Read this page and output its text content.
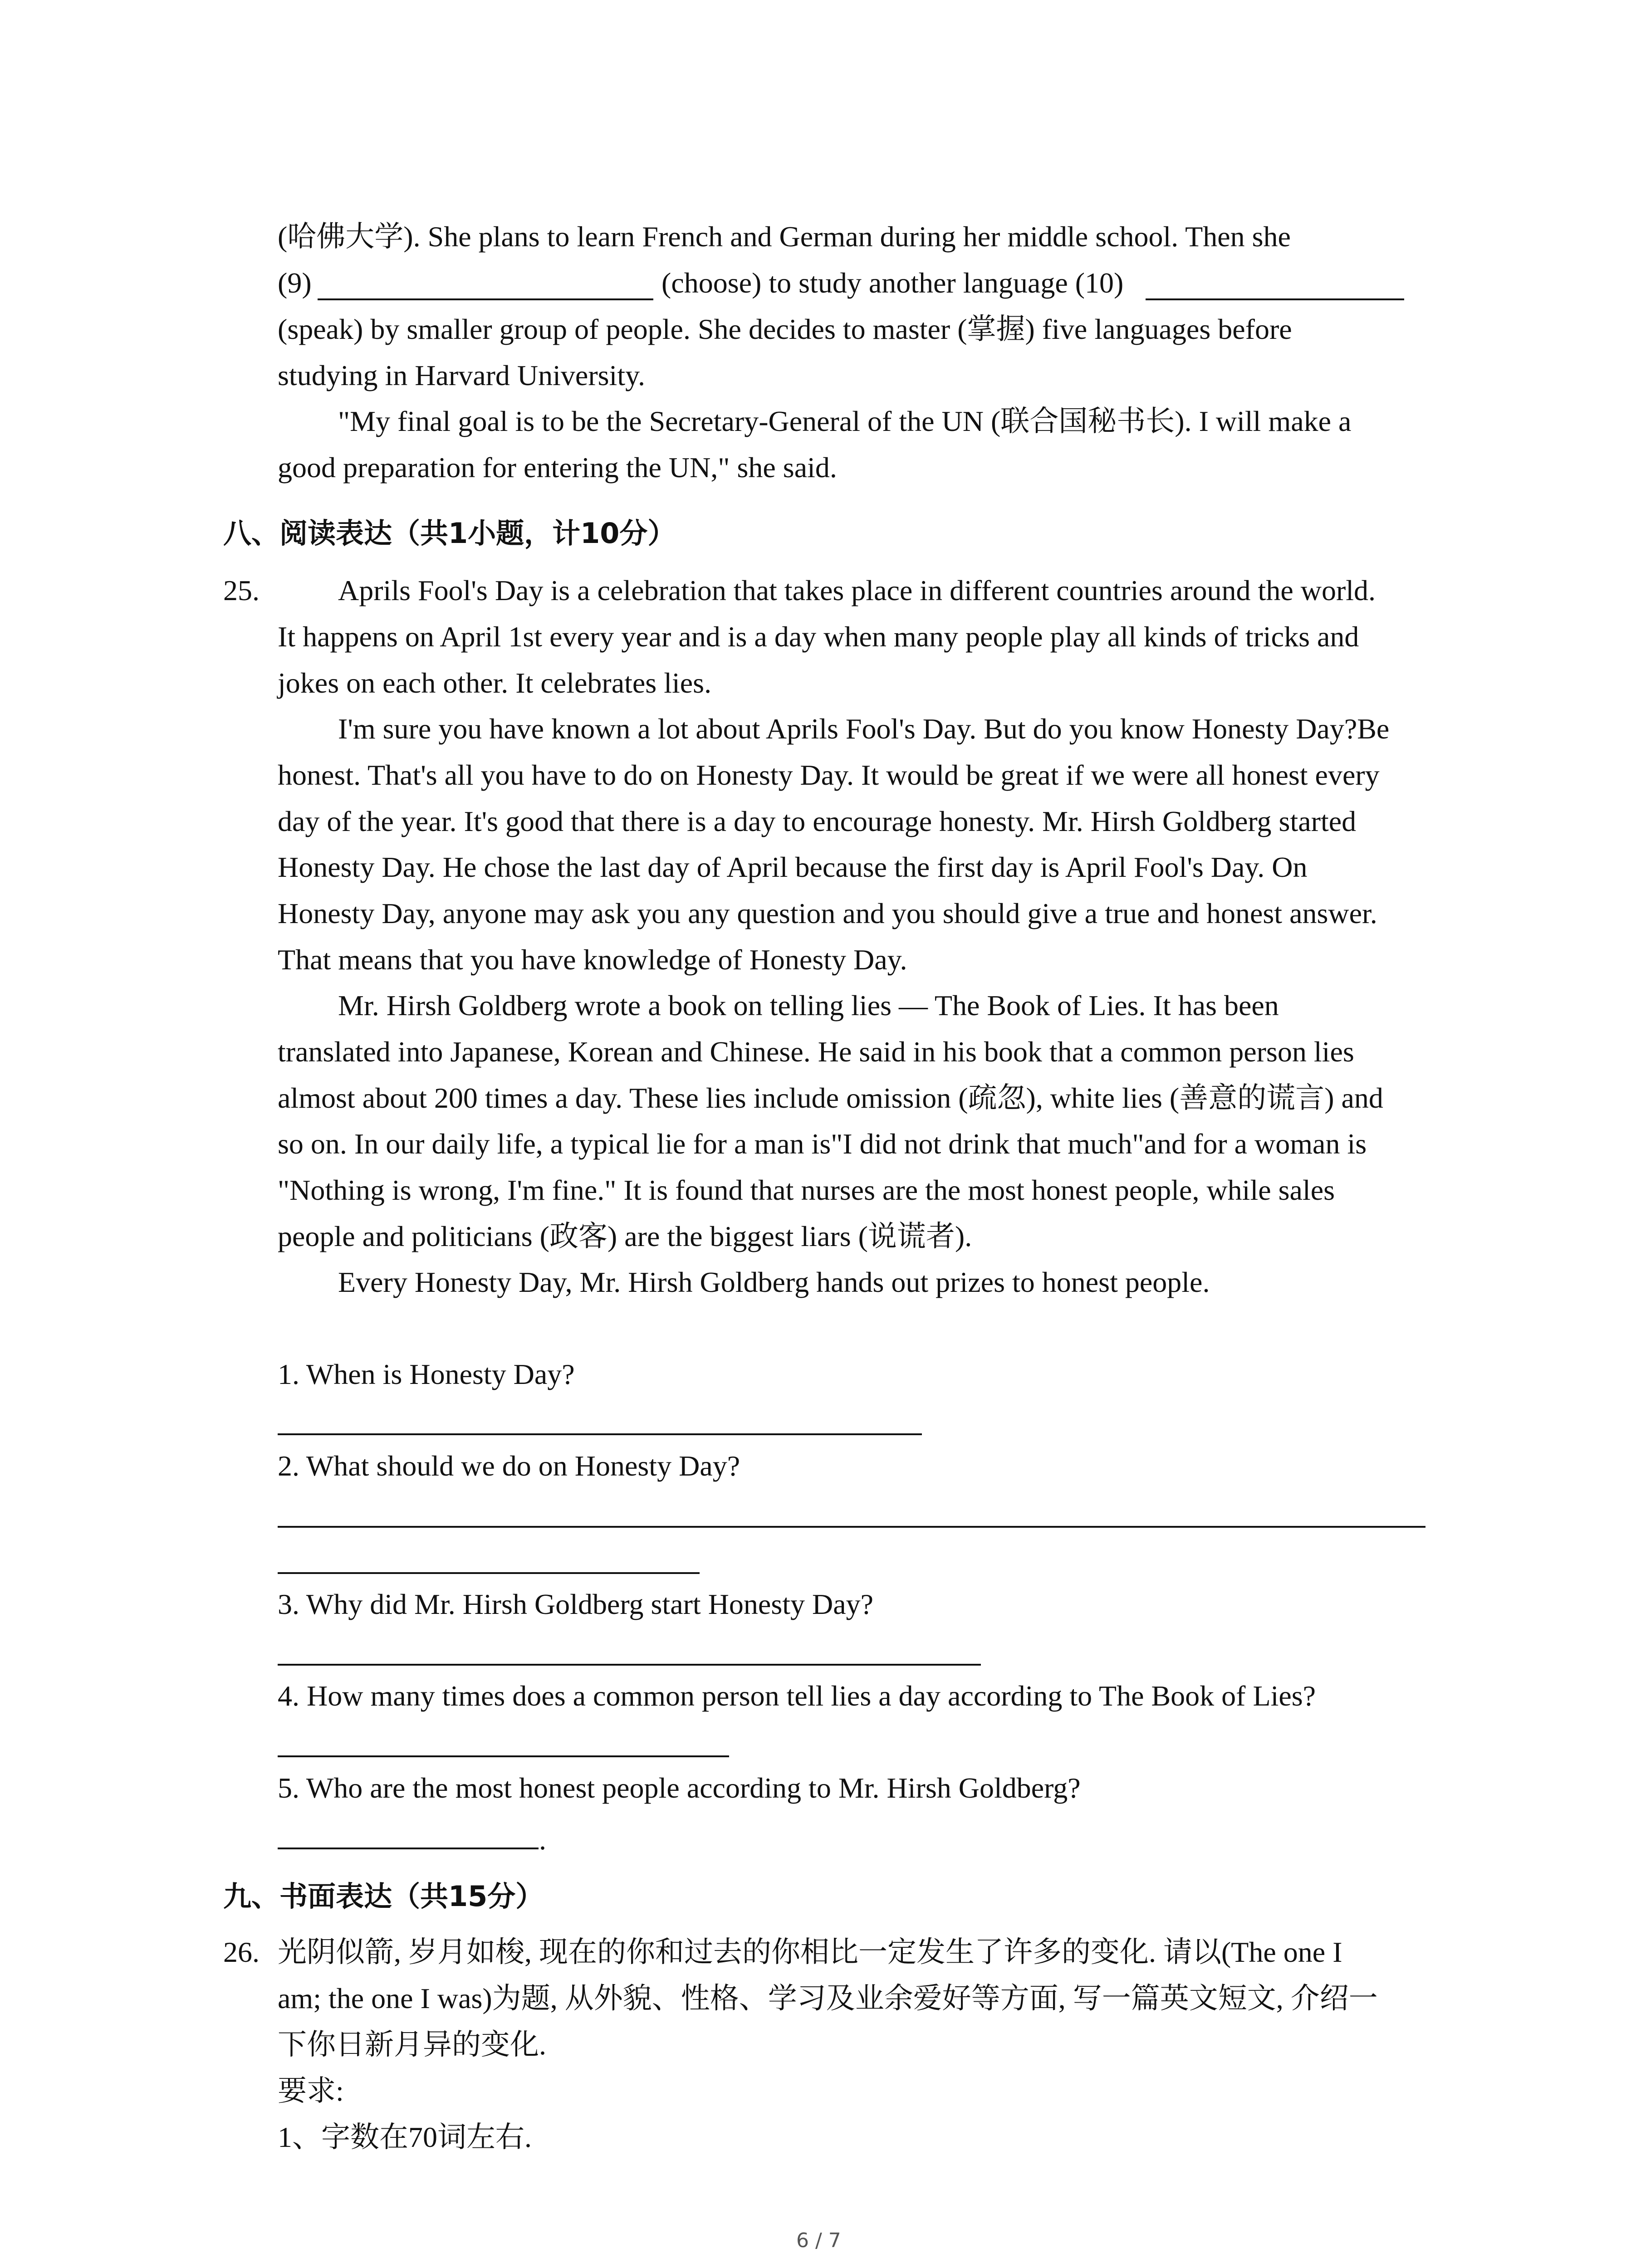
(哈佛大学). She plans to learn French and German during her middle school. Then she
(9)	(choose) to study another language (10)
(speak) by smaller group of people. She decides to master (掌握) five languages before
studying in Harvard University.
"My final goal is to be the Secretary-General of the UN (联合国秘书长). I will make a
good preparation for entering the UN," she said.
八、阅读表达（共1小题，计10分）
25.	Aprils Fool's Day is a celebration that takes place in different countries around the world.
It happens on April 1st every year and is a day when many people play all kinds of tricks and
jokes on each other. It celebrates lies.
I'm sure you have known a lot about Aprils Fool's Day. But do you know Honesty Day?Be
honest. That's all you have to do on Honesty Day. It would be great if we were all honest every
day of the year. It's good that there is a day to encourage honesty. Mr. Hirsh Goldberg started
Honesty Day. He chose the last day of April because the first day is April Fool's Day. On
Honesty Day, anyone may ask you any question and you should give a true and honest answer.
That means that you have knowledge of Honesty Day.
Mr. Hirsh Goldberg wrote a book on telling lies — The Book of Lies. It has been
translated into Japanese, Korean and Chinese. He said in his book that a common person lies
almost about 200 times a day. These lies include omission (疏忽), white lies (善意的谎言) and
so on. In our daily life, a typical lie for a man is"I did not drink that much"and for a woman is
"Nothing is wrong, I'm fine." It is found that nurses are the most honest people, while sales
people and politicians (政客) are the biggest liars (说谎者).
Every Honesty Day, Mr. Hirsh Goldberg hands out prizes to honest people.
1. When is Honesty Day?
2. What should we do on Honesty Day?
3. Why did Mr. Hirsh Goldberg start Honesty Day?
4. How many times does a common person tell lies a day according to The Book of Lies?
5. Who are the most honest people according to Mr. Hirsh Goldberg?
.
九、书面表达（共15分）
26. 光阴似箭, 岁月如梭, 现在的你和过去的你相比一定发生了许多的变化. 请以(The one I
am; the one I was)为题, 从外貌、性格、学习及业余爱好等方面, 写一篇英文短文, 介绍一
下你日新月异的变化.
要求:
1、字数在70词左右.
6 / 7
